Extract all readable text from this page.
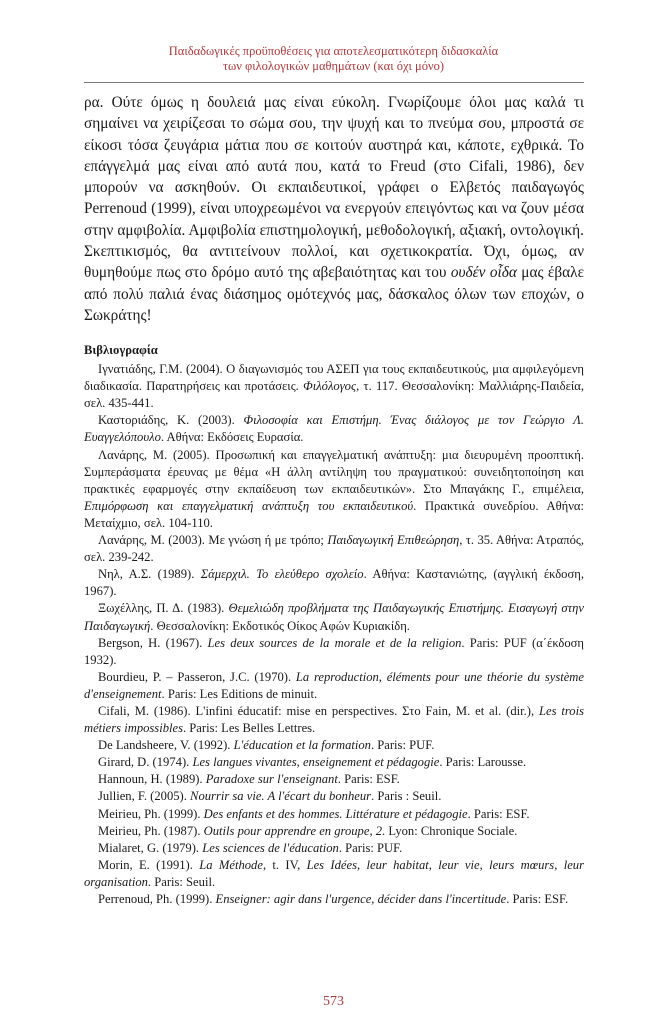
Παιδαδωγικές προϋποθέσεις για αποτελεσματικότερη διδασκαλία
των φιλολογικών μαθημάτων (και όχι μόνο)

ρα. Ούτε όμως η δουλειά μας είναι εύκολη. Γνωρίζουμε όλοι μας καλά τι σημαίνει να χειρίζεσαι το σώμα σου, την ψυχή και το πνεύμα σου, μπροστά σε είκοσι τόσα ζευγάρια μάτια που σε κοιτούν αυστηρά και, κάποτε, εχθρικά. Το επάγγελμά μας είναι από αυτά που, κατά το Freud (στο Cifali, 1986), δεν μπορούν να ασκηθούν. Οι εκπαιδευτικοί, γράφει ο Ελβετός παιδαγωγός Perrenoud (1999), είναι υποχρεωμένοι να ενεργούν επειγόντως και να ζουν μέσα στην αμφιβολία. Αμφιβολία επιστημολογική, μεθοδολογική, αξιακή, οντολογική. Σκεπτικισμός, θα αντιτείνουν πολλοί, και σχετικοκρατία. Όχι, όμως, αν θυμηθούμε πως στο δρόμο αυτό της αβεβαιότητας και του ουδέν οἶδα μας έβαλε από πολύ παλιά ένας διάσημος ομότεχνός μας, δάσκαλος όλων των εποχών, ο Σωκράτης!

Βιβλιογραφία

Ιγνατιάδης, Γ.Μ. (2004). Ο διαγωνισμός του ΑΣΕΠ για τους εκπαιδευτικούς, μια αμφιλεγόμενη διαδικασία. Παρατηρήσεις και προτάσεις. Φιλόλογος, τ. 117. Θεσσαλονίκη: Μαλλιάρης-Παιδεία, σελ. 435-441.

Καστοριάδης, Κ. (2003). Φιλοσοφία και Επιστήμη. Ένας διάλογος με τον Γεώργιο Λ. Ευαγγελόπουλο. Αθήνα: Εκδόσεις Ευρασία.

Λανάρης, Μ. (2005). Προσωπική και επαγγελματική ανάπτυξη: μια διευρυμένη προοπτική. Συμπεράσματα έρευνας με θέμα «Η άλλη αντίληψη του πραγματικού: συνειδητοποίηση και πρακτικές εφαρμογές στην εκπαίδευση των εκπαιδευτικών». Στο Μπαγάκης Γ., επιμέλεια, Επιμόρφωση και επαγγελματική ανάπτυξη του εκπαιδευτικού. Πρακτικά συνεδρίου. Αθήνα: Μεταίχμιο, σελ. 104-110.

Λανάρης, Μ. (2003). Με γνώση ή με τρόπο; Παιδαγωγική Επιθεώρηση, τ. 35. Αθήνα: Ατραπός, σελ. 239-242.

Νηλ, Α.Σ. (1989). Σάμερχιλ. Το ελεύθερο σχολείο. Αθήνα: Καστανιώτης, (αγγλική έκδοση, 1967).

Ξωχέλλης, Π. Δ. (1983). Θεμελιώδη προβλήματα της Παιδαγωγικής Επιστήμης. Εισαγωγή στην Παιδαγωγική. Θεσσαλονίκη: Εκδοτικός Οίκος Αφών Κυριακίδη.

Bergson, H. (1967). Les deux sources de la morale et de la religion. Paris: PUF (α΄έκδοση 1932).

Bourdieu, P. – Passeron, J.C. (1970). La reproduction, éléments pour une théorie du système d'enseignement. Paris: Les Editions de minuit.

Cifali, M. (1986). L'infini éducatif: mise en perspectives. Στο Fain, M. et al. (dir.), Les trois métiers impossibles. Paris: Les Belles Lettres.

De Landsheere, V. (1992). L'éducation et la formation. Paris: PUF.

Girard, D. (1974). Les langues vivantes, enseignement et pédagogie. Paris: Larousse.

Hannoun, H. (1989). Paradoxe sur l'enseignant. Paris: ESF.

Jullien, F. (2005). Nourrir sa vie. A l'écart du bonheur. Paris : Seuil.

Meirieu, Ph. (1999). Des enfants et des hommes. Littérature et pédagogie. Paris: ESF.

Meirieu, Ph. (1987). Outils pour apprendre en groupe, 2. Lyon: Chronique Sociale.

Mialaret, G. (1979). Les sciences de l'éducation. Paris: PUF.

Morin, E. (1991). La Méthode, t. IV, Les Idées, leur habitat, leur vie, leurs mœurs, leur organisation. Paris: Seuil.

Perrenoud, Ph. (1999). Enseigner: agir dans l'urgence, décider dans l'incertitude. Paris: ESF.

573
